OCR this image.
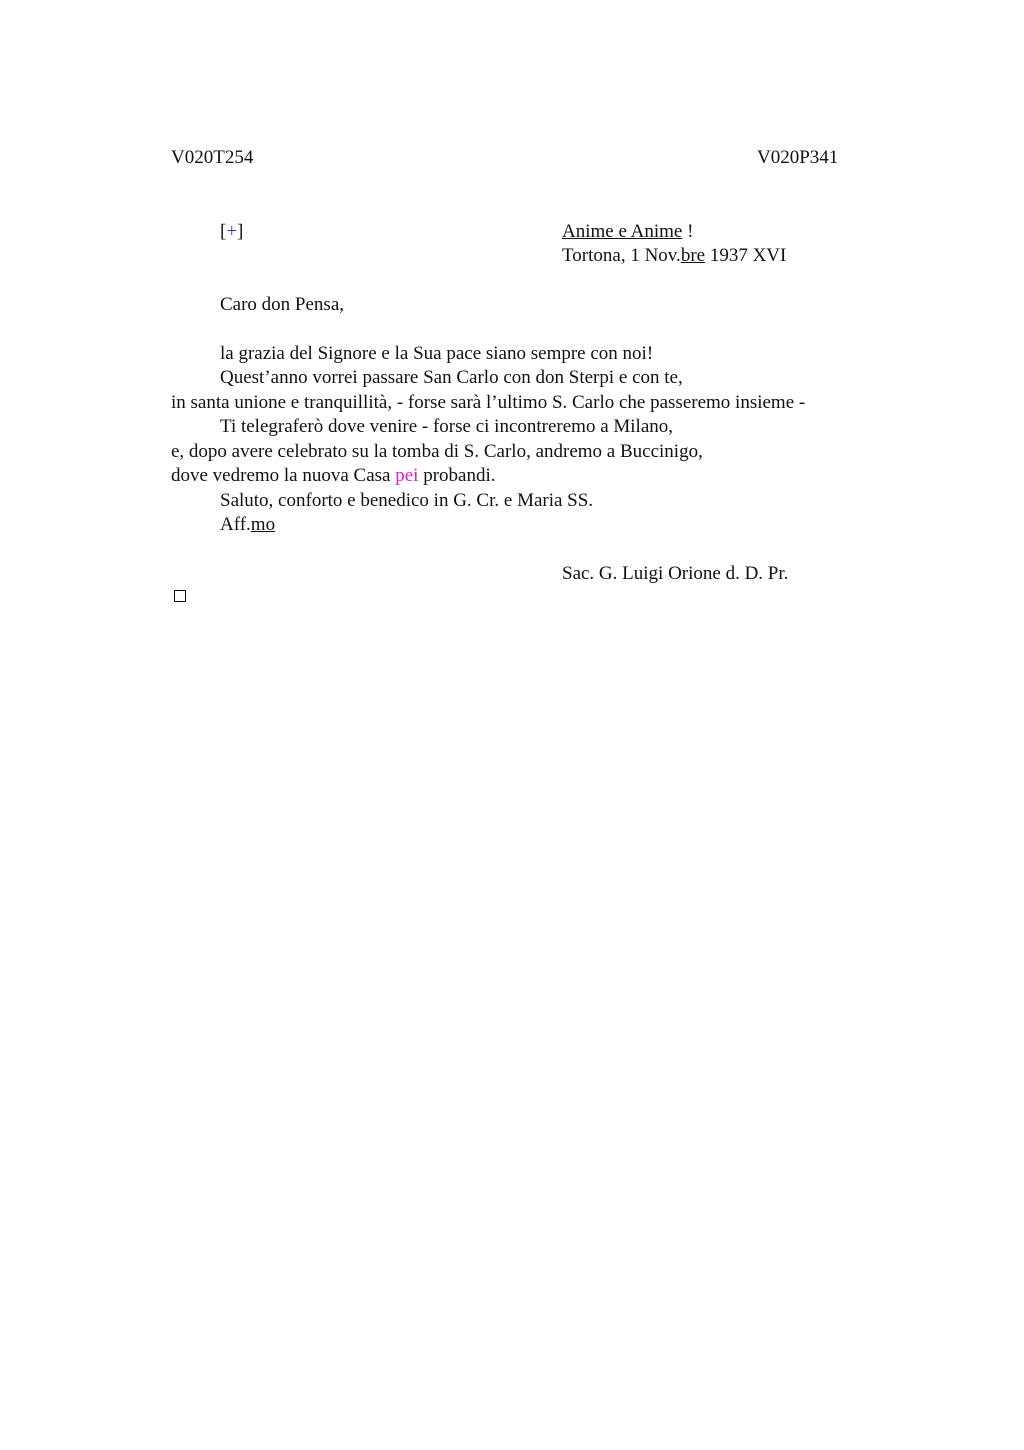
V020T254	V020P341
[+]	Anime e Anime !
Tortona, 1 Nov.bre 1937 XVI
Caro don Pensa,
la grazia del Signore e la Sua pace siano sempre con noi!
Quest’anno vorrei passare San Carlo con don Sterpi e con te,
in santa unione e tranquillità, - forse sarà l’ultimo S. Carlo che passeremo insieme -
Ti telegraferò dove venire - forse ci incontreremo a Milano,
e, dopo avere celebrato su la tomba di S. Carlo, andremo a Buccinigo,
dove vedremo la nuova Casa pei probandi.
Saluto, conforto e benedico in G. Cr. e Maria SS.
Aff.mo
Sac. G. Luigi Orione d. D. Pr.
